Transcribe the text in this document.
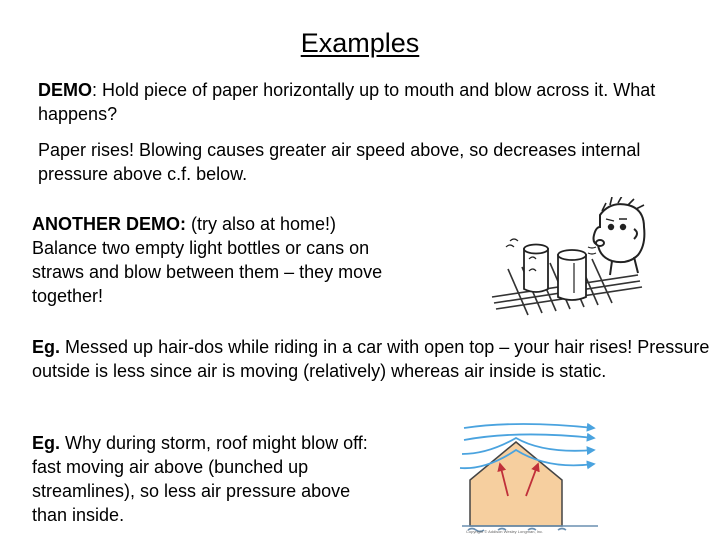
Examples
DEMO: Hold piece of paper horizontally up to mouth and blow across it. What happens?
Paper rises! Blowing causes greater air speed above, so decreases internal pressure above c.f. below.
ANOTHER DEMO: (try also at home!) Balance two empty light bottles or cans on straws and blow between them – they move together!
Eg. Messed up hair-dos while riding in a car with open top – your hair rises! Pressure outside is less since air is moving (relatively) whereas air inside is static.
Eg. Why during storm, roof might blow off: fast moving air above (bunched up streamlines), so less air pressure above than inside.
Copyright © Addison Wesley Longman, Inc.
